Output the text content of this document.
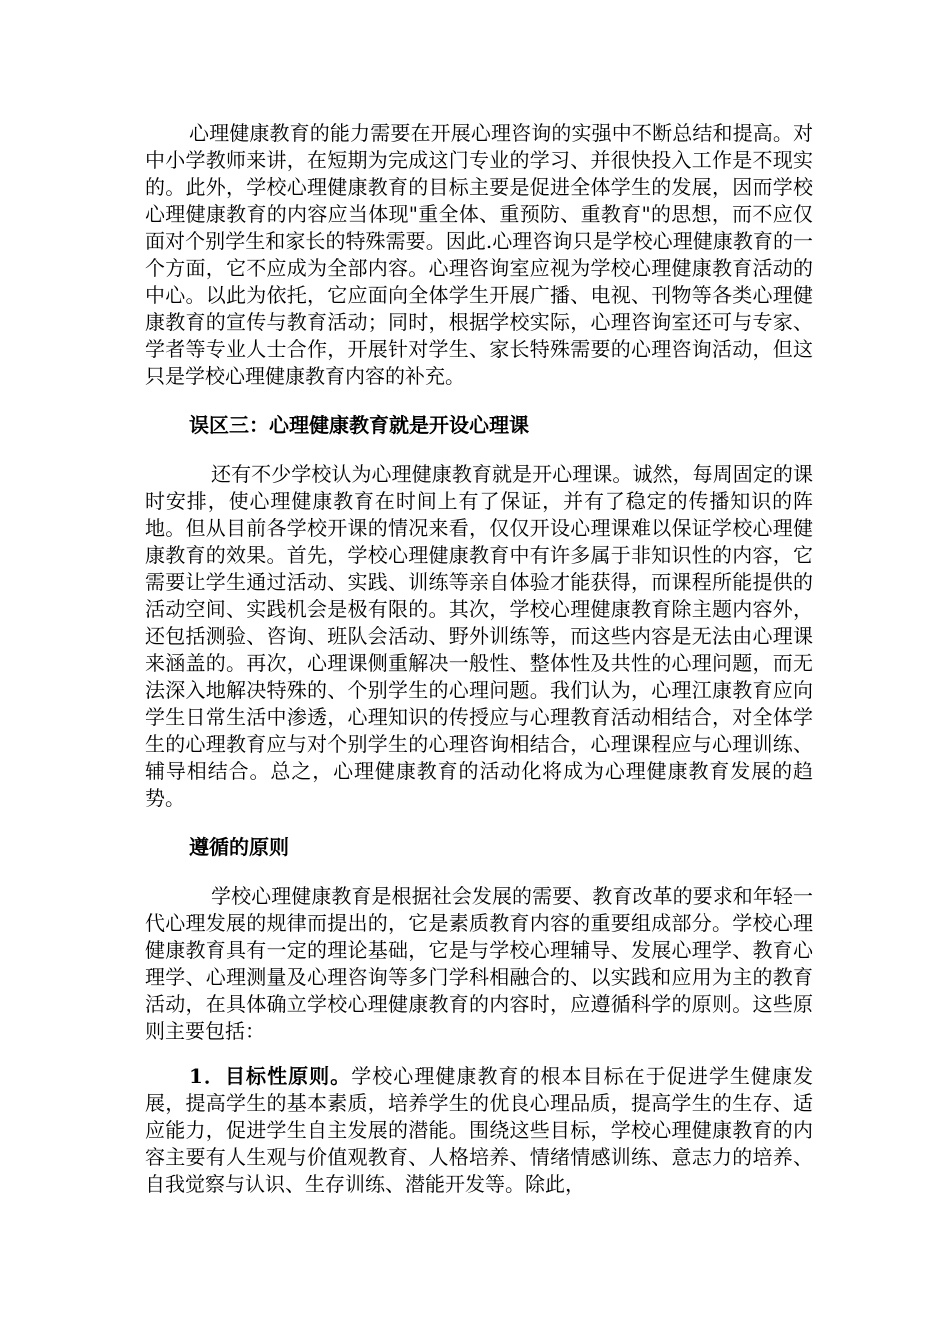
心理健康教育的能力需要在开展心理咨询的实强中不断总结和提高。对中小学教师来讲，在短期为完成这门专业的学习、并很快投入工作是不现实的。此外，学校心理健康教育的目标主要是促进全体学生的发展，因而学校心理健康教育的内容应当体现"重全体、重预防、重教育"的思想，而不应仅面对个别学生和家长的特殊需要。因此.心理咨询只是学校心理健康教育的一个方面，它不应成为全部内容。心理咨询室应视为学校心理健康教育活动的中心。以此为依托，它应面向全体学生开展广播、电视、刊物等各类心理健康教育的宣传与教育活动；同时，根据学校实际，心理咨询室还可与专家、学者等专业人士合作，开展针对学生、家长特殊需要的心理咨询活动，但这只是学校心理健康教育内容的补充。

误区三：心理健康教育就是开设心理课

还有不少学校认为心理健康教育就是开心理课。诚然，每周固定的课时安排，使心理健康教育在时间上有了保证，并有了稳定的传播知识的阵地。但从目前各学校开课的情况来看，仅仅开设心理课难以保证学校心理健康教育的效果。首先，学校心理健康教育中有许多属于非知识性的内容，它需要让学生通过活动、实践、训练等亲自体验才能获得，而课程所能提供的活动空间、实践机会是极有限的。其次，学校心理健康教育除主题内容外，还包括测验、咨询、班队会活动、野外训练等，而这些内容是无法由心理课来涵盖的。再次，心理课侧重解决一般性、整体性及共性的心理问题，而无法深入地解决特殊的、个别学生的心理问题。我们认为，心理江康教育应向学生日常生活中渗透，心理知识的传授应与心理教育活动相结合，对全体学生的心理教育应与对个别学生的心理咨询相结合，心理课程应与心理训练、辅导相结合。总之，心理健康教育的活动化将成为心理健康教育发展的趋势。

遵循的原则

学校心理健康教育是根据社会发展的需要、教育改革的要求和年轻一代心理发展的规律而提出的，它是素质教育内容的重要组成部分。学校心理健康教育具有一定的理论基础，它是与学校心理辅导、发展心理学、教育心理学、心理测量及心理咨询等多门学科相融合的、以实践和应用为主的教育活动，在具体确立学校心理健康教育的内容时，应遵循科学的原则。这些原则主要包括：

1．目标性原则。学校心理健康教育的根本目标在于促进学生健康发展，提高学生的基本素质，培养学生的优良心理品质，提高学生的生存、适应能力，促进学生自主发展的潜能。围绕这些目标，学校心理健康教育的内容主要有人生观与价值观教育、人格培养、情绪情感训练、意志力的培养、自我觉察与认识、生存训练、潜能开发等。除此，
